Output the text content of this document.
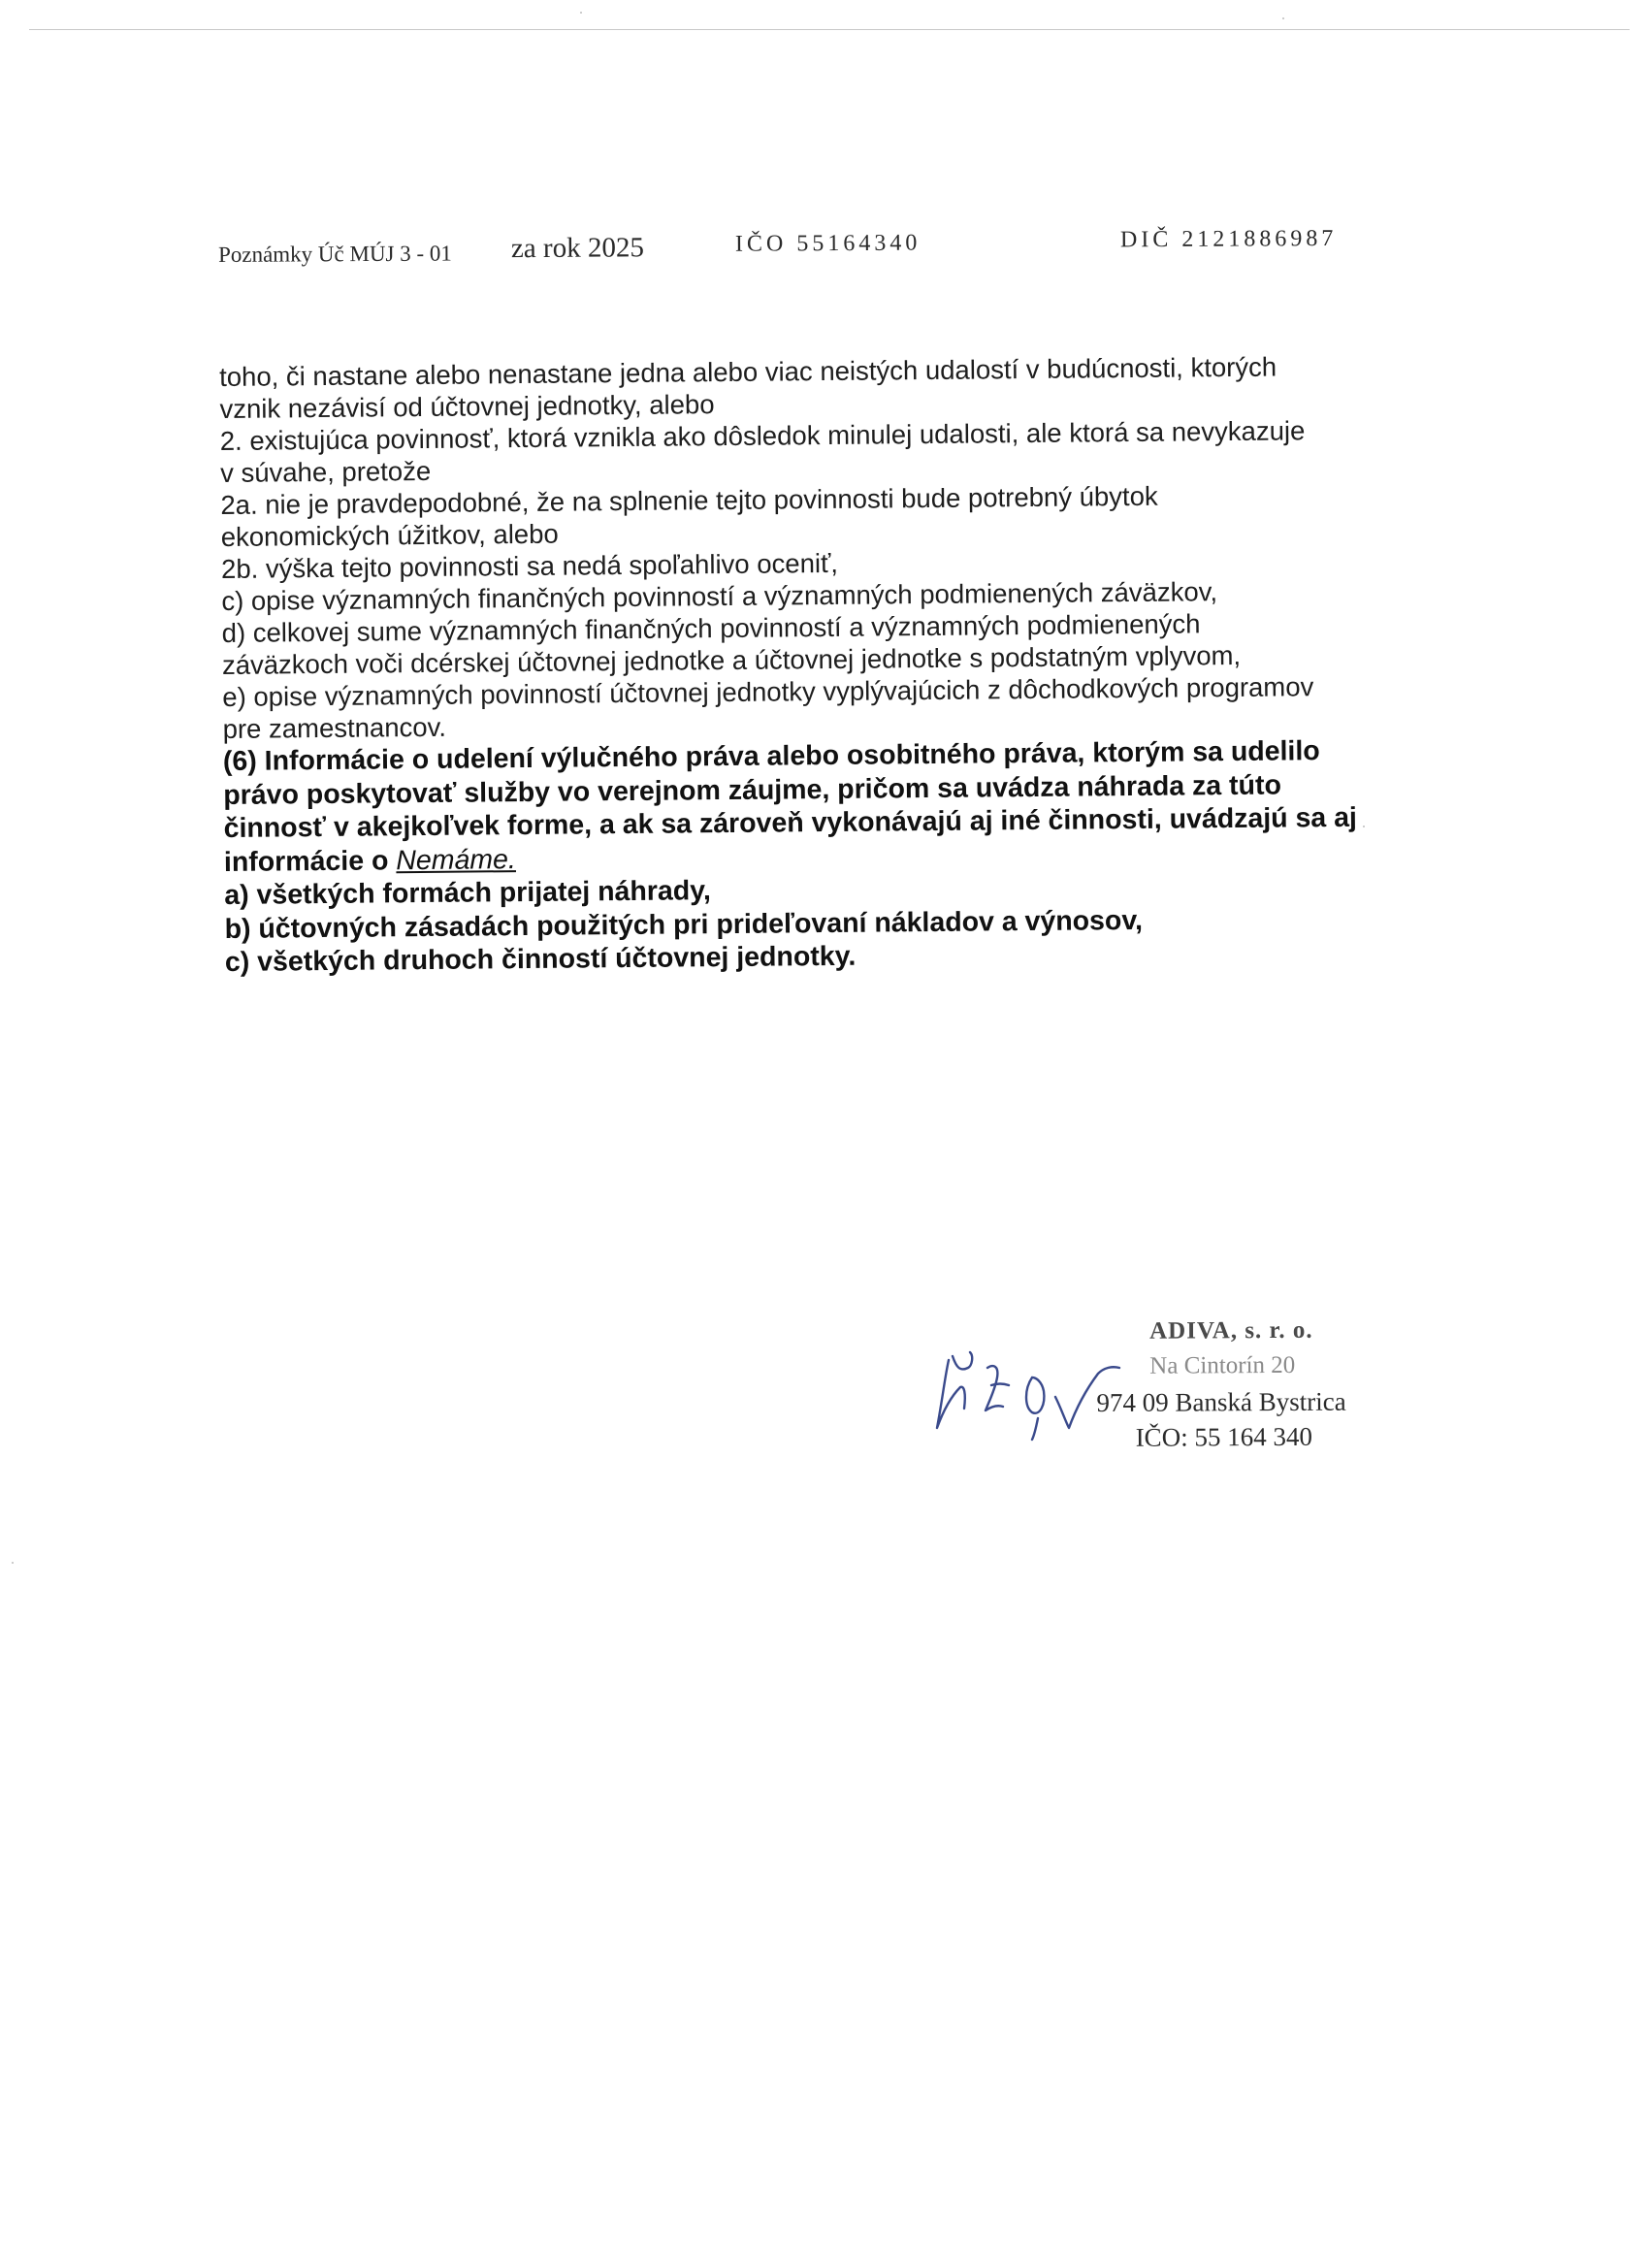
Poznámky Úč MÚJ 3 - 01 za rok 2025	IČO 55164340	DIČ 2121886987
toho, či nastane alebo nenastane jedna alebo viac neistých udalostí v budúcnosti, ktorých
vznik nezávisí od účtovnej jednotky, alebo
2. existujúca povinnosť, ktorá vznikla ako dôsledok minulej udalosti, ale ktorá sa nevykazuje
v súvahe, pretože
2a. nie je pravdepodobné, že na splnenie tejto povinnosti bude potrebný úbytok
ekonomických úžitkov, alebo
2b. výška tejto povinnosti sa nedá spoľahlivo oceniť,
c) opise významných finančných povinností a významných podmienených záväzkov,
d) celkovej sume významných finančných povinností a významných podmienených
záväzkoch voči dcérskej účtovnej jednotke a účtovnej jednotke s podstatným vplyvom,
e) opise významných povinností účtovnej jednotky vyplývajúcich z dôchodkových programov
pre zamestnancov.
(6) Informácie o udelení výlučného práva alebo osobitného práva, ktorým sa udelilo
právo poskytovať služby vo verejnom záujme, pričom sa uvádza náhrada za túto
činnosť v akejkoľvek forme, a ak sa zároveň vykonávajú aj iné činnosti, uvádzajú sa aj
informácie o Nemáme.
a) všetkých formách prijatej náhrady,
b) účtovných zásadách použitých pri prideľovaní nákladov a výnosov,
c) všetkých druhoch činností účtovnej jednotky.
ADIVA, s. r. o.
Na Cintorín 20
974 09 Banská Bystrica
IČO: 55 164 340
